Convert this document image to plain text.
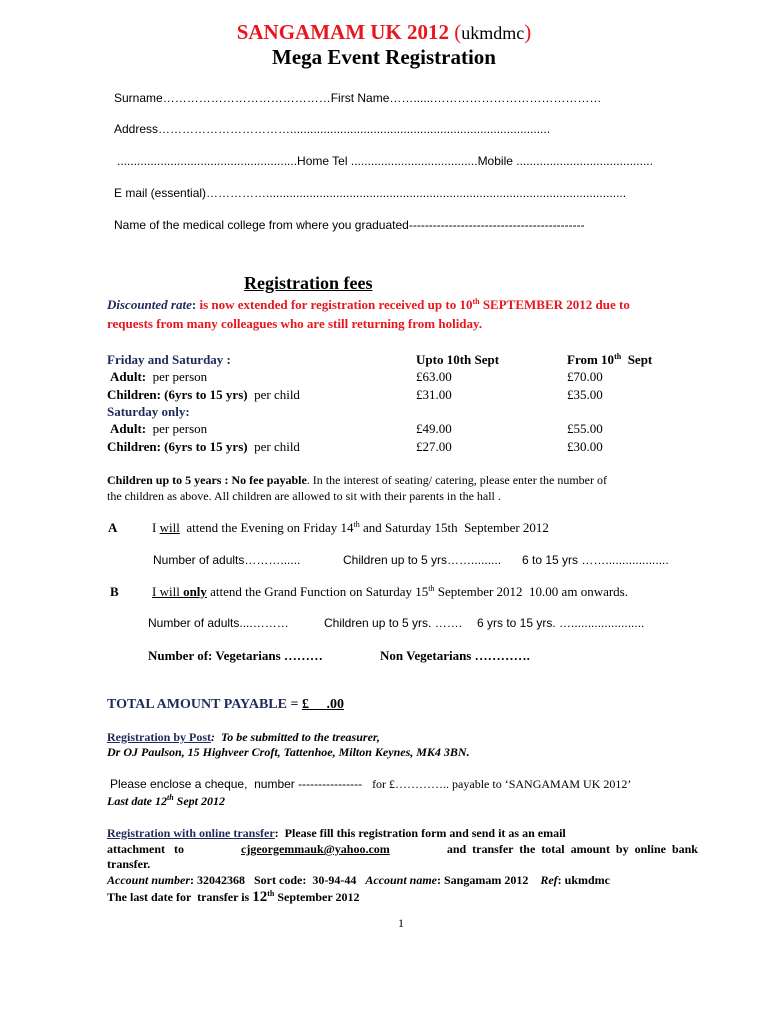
SANGAMAM UK 2012 (ukmdmc)
Mega Event Registration
Surname……………………………………First Name……......……………………………………
Address……………………………..............................................................................
......................................................Home Tel ......................................Mobile .........................................
E mail (essential)……………............................................................................................................
Name of the medical college from where you graduated--------------------------------------------
Registration fees
Discounted rate: is now extended for registration received up to 10th SEPTEMBER 2012 due to
requests from many colleagues who are still returning from holiday.
Friday and Saturday :	Upto 10th Sept	From 10th  Sept
Adult:  per person	£63.00	£70.00
Children: (6yrs to 15 yrs)  per child	£31.00	£35.00
Saturday only:
Adult:  per person	£49.00	£55.00
Children: (6yrs to 15 yrs)  per child	£27.00	£30.00
Children up to 5 years : No fee payable. In the interest of seating/ catering, please enter the number of
the children as above. All children are allowed to sit with their parents in the hall .
A	I will  attend the Evening on Friday 14th and Saturday 15th  September 2012
Number of adults………......	Children up to 5 yrs……......... 6 to 15 yrs ……...................
B	I will only attend the Grand Function on Saturday 15th September 2012  10.00 am onwards.
Number of adults....………	Children up to 5 yrs. ……. 6 yrs to 15 yrs. …......................
Number of: Vegetarians ………	Non Vegetarians ………….
TOTAL AMOUNT PAYABLE = £     .00
Registration by Post:  To be submitted to the treasurer,
Dr OJ Paulson, 15 Highveer Croft, Tattenhoe, Milton Keynes, MK4 3BN.
Please enclose a cheque,  number ----------------   for £………….. payable to ‘SANGAMAM UK 2012’
Last date 12th Sept 2012
Registration with online transfer:  Please fill this registration form and send it as an email
attachment   to	cjgeorgemmauk@yahoo.com	and  transfer  the  total  amount  by  online  bank
transfer.
Account number: 32042368   Sort code:  30-94-44   Account name: Sangamam 2012    Ref: ukmdmc
The last date for  transfer is 12th September 2012
1
